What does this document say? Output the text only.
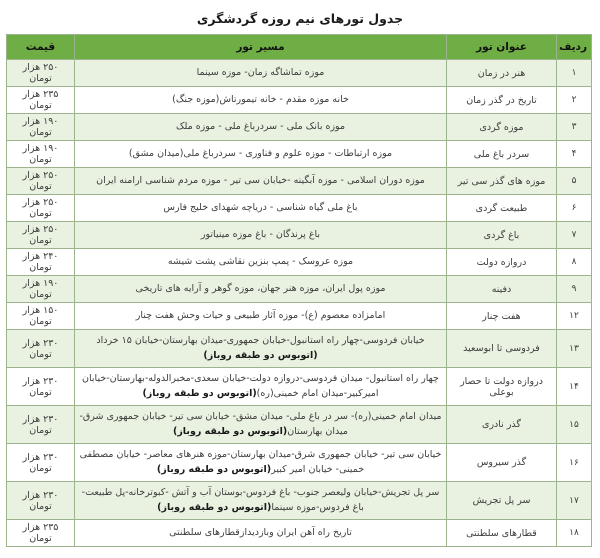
جدول تورهای نیم روزه گردشگری
ردیف	عنوان تور	مسیر تور	قیمت
۱	هنر در زمان	موزه تماشاگه زمان- موزه سینما	۲۵۰ هزار تومان
۲	تاریخ در گذر زمان	خانه موزه مقدم - خانه تیمورتاش(موزه جنگ)	۲۳۵ هزار تومان
۳	موزه گردی	موزه بانک ملی - سردرباغ ملی - موزه ملک	۱۹۰ هزار تومان
۴	سردر باغ ملی	موزه ارتباطات - موزه علوم و فناوری - سردرباغ ملی(میدان مشق)	۱۹۰ هزار تومان
۵	موزه های گذر سی تیر	موزه دوران اسلامی - موزه آبگینه -خیابان سی تیر - موزه مردم شناسی ارامنه ایران	۲۵۰ هزار تومان
۶	طبیعت گردی	باغ ملی گیاه شناسی - دریاچه شهدای خلیج فارس	۲۵۰ هزار تومان
۷	باغ گردی	باغ پرندگان - باغ موزه مینیاتور	۲۵۰ هزار تومان
۸	دروازه دولت	موزه عروسک - پمپ بنزین نقاشی پشت شیشه	۲۴۰ هزار تومان
۹	دفینه	موزه پول ایران، موزه هنر جهان، موزه گوهر و آرایه های تاریخی	۱۹۰ هزار تومان
۱۲	هفت چنار	امامزاده معصوم (ع)- موزه آثار طبیعی و حیات وحش هفت چنار	۱۵۰ هزار تومان
۱۳	فردوسی تا ابوسعید	خیابان فردوسی-چهار راه استانبول-خیابان جمهوری-میدان بهارستان-خیابان ۱۵ خرداد (اتوبوس دو طبقه روباز)	۲۳۰ هزار تومان
۱۴	دروازه دولت تا حصار بوعلی	چهار راه استانبول- میدان فردوسی-دروازه دولت-خیابان سعدی-مخبرالدوله-بهارستان-خیابان امیرکبیر-میدان امام خمینی(ره)(اتوبوس دو طبقه روباز)	۲۳۰ هزار تومان
۱۵	گذر نادری	میدان امام خمینی(ره)- سر در باغ ملی- میدان مشق- خیابان سی تیر- خیابان جمهوری شرق- میدان بهارستان(اتوبوس دو طبقه روباز)	۲۳۰ هزار تومان
۱۶	گذر سیروس	خیابان سی تیر- خیابان جمهوری شرق-میدان بهارستان-موزه هنرهای معاصر- خیابان مصطفی خمینی- خیابان امیر کبیر(اتوبوس دو طبقه روباز)	۲۳۰ هزار تومان
۱۷	سر پل تجریش	سر پل تجریش-خیابان ولیعصر جنوب- باغ فردوس-بوستان آب و آتش -کبوترخانه-پل طبیعت-باغ فردوس-موزه سینما(اتوبوس دو طبقه روباز)	۲۳۰ هزار تومان
۱۸	قطارهای سلطنتی	تاریخ راه آهن ایران وبازدیدازقطارهای سلطنتی	۲۳۵ هزار تومان
